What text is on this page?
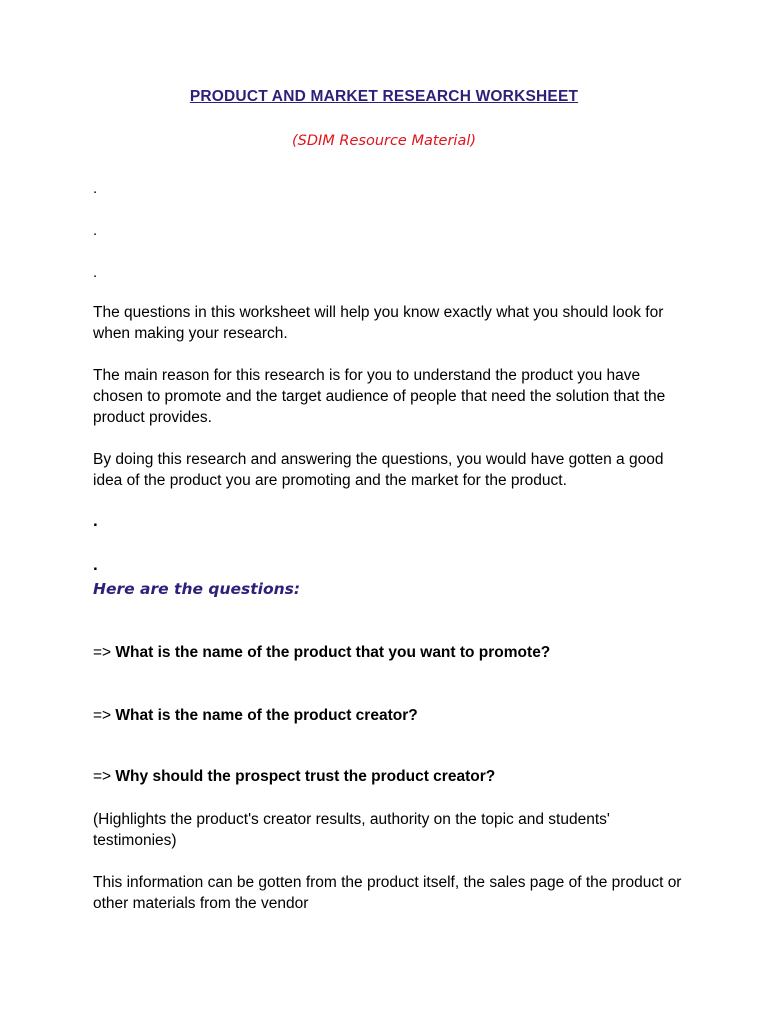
PRODUCT AND MARKET RESEARCH WORKSHEET
(SDIM Resource Material)
.
.
.

The questions in this worksheet will help you know exactly what you should look for when making your research.

The main reason for this research is for you to understand the product you have chosen to promote and the target audience of people that need the solution that the product provides.

By doing this research and answering the questions, you would have gotten a good idea of the product you are promoting and the market for the product.

.
.
Here are the questions:
=> What is the name of the product that you want to promote?
=> What is the name of the product creator?
=> Why should the prospect trust the product creator?

(Highlights the product's creator results, authority on the topic and students' testimonies)

This information can be gotten from the product itself, the sales page of the product or other materials from the vendor
